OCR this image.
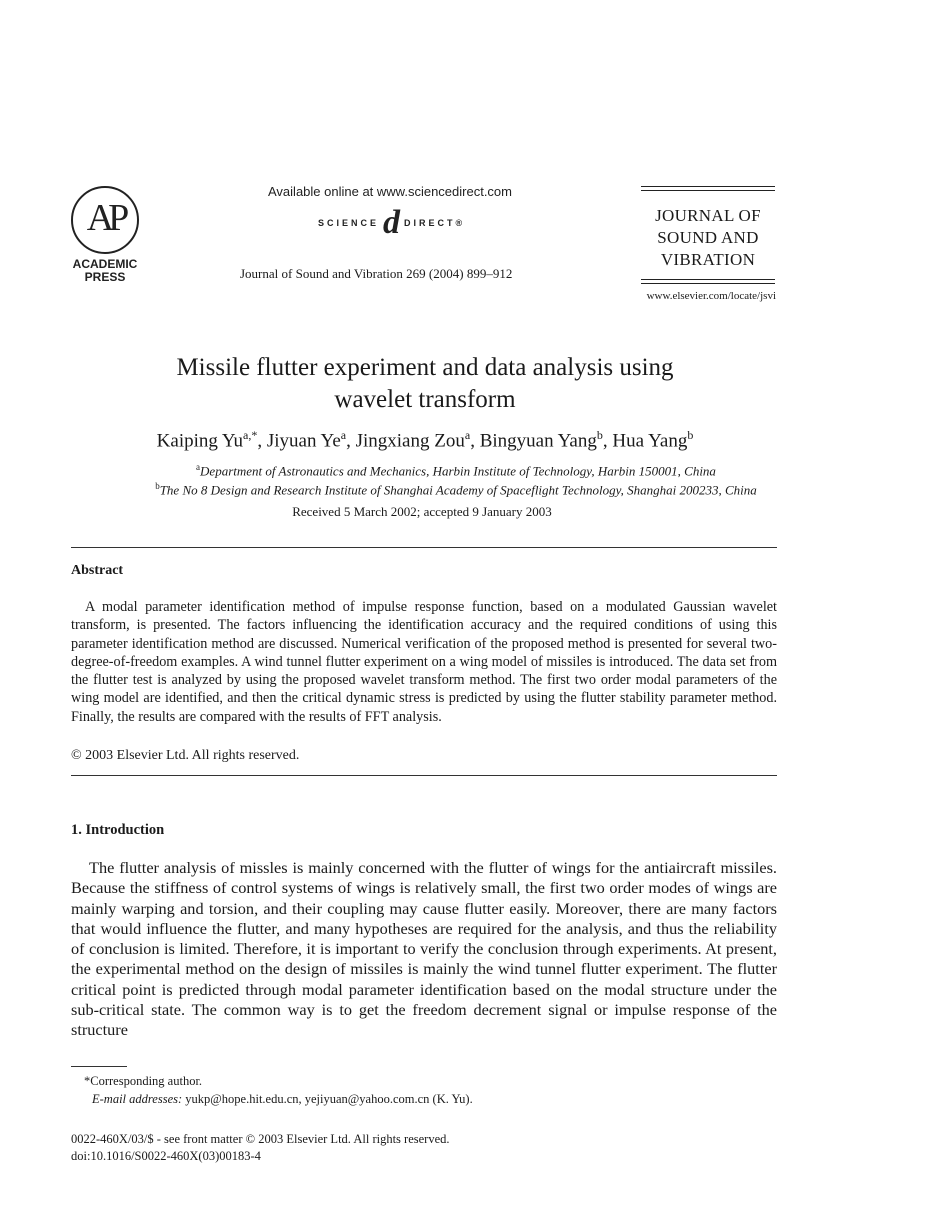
AP
ACADEMIC
PRESS
Available online at www.sciencedirect.com
SCIENCE d DIRECT®
Journal of Sound and Vibration 269 (2004) 899–912
JOURNAL OF
SOUND AND
VIBRATION
www.elsevier.com/locate/jsvi
Missile flutter experiment and data analysis using
wavelet transform
Kaiping $Yu^{a,*}$, Jiyuan Ye$^a$, Jingxiang Zou$^a$, Bingyuan Yang$^b$, Hua Yang$^b$
$^a$Department of Astronautics and Mechanics, Harbin Institute of Technology, Harbin 150001, China
$^b$The No 8 Design and Research Institute of Shanghai Academy of Spaceflight Technology, Shanghai 200233, China
Received 5 March 2002; accepted 9 January 2003
Abstract
A modal parameter identification method of impulse response function, based on a modulated Gaussian wavelet transform, is presented. The factors influencing the identification accuracy and the required conditions of using this parameter identification method are discussed. Numerical verification of the proposed method is presented for several two-degree-of-freedom examples. A wind tunnel flutter experiment on a wing model of missiles is introduced. The data set from the flutter test is analyzed by using the proposed wavelet transform method. The first two order modal parameters of the wing model are identified, and then the critical dynamic stress is predicted by using the flutter stability parameter method. Finally, the results are compared with the results of FFT analysis.
© 2003 Elsevier Ltd. All rights reserved.
1. Introduction
The flutter analysis of missles is mainly concerned with the flutter of wings for the antiaircraft missiles. Because the stiffness of control systems of wings is relatively small, the first two order modes of wings are mainly warping and torsion, and their coupling may cause flutter easily. Moreover, there are many factors that would influence the flutter, and many hypotheses are required for the analysis, and thus the reliability of conclusion is limited. Therefore, it is important to verify the conclusion through experiments. At present, the experimental method on the design of missiles is mainly the wind tunnel flutter experiment. The flutter critical point is predicted through modal parameter identification based on the modal structure under the sub-critical state. The common way is to get the freedom decrement signal or impulse response of the structure
*Corresponding author.
E-mail addresses: yukp@hope.hit.edu.cn, yejiyuan@yahoo.com.cn (K. Yu).
0022-460X/03/$ - see front matter © 2003 Elsevier Ltd. All rights reserved.
doi:10.1016/S0022-460X(03)00183-4
